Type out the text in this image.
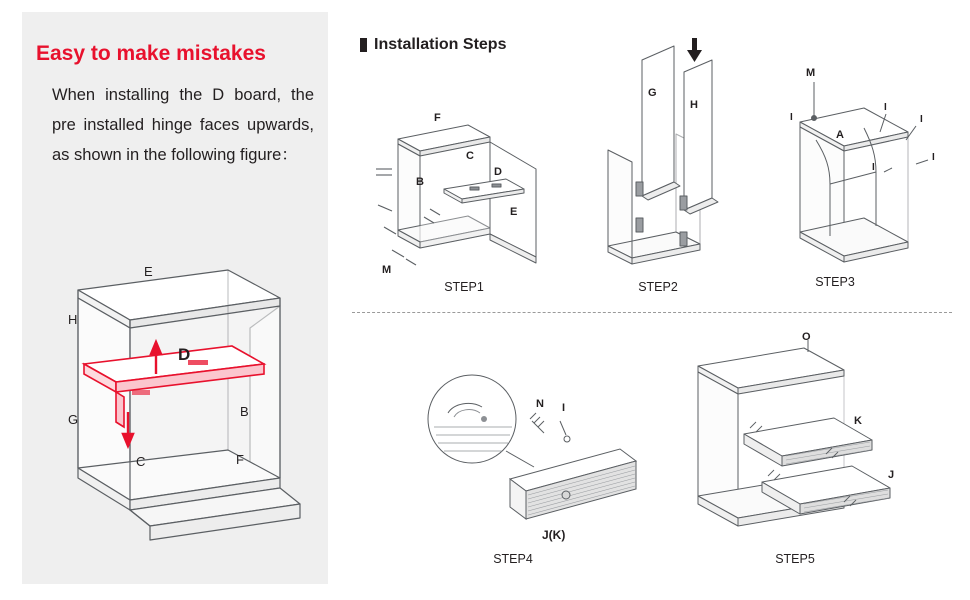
Easy to make mistakes
When installing the D board, the pre installed hinge faces upwards, as shown in the following figure：
D
E
H
G
B
C	F
Installation Steps
F
C
B
D
E
M
STEP1
G
H
STEP2
M
A
I
I
I
I
I
STEP3
N I
J(K)
STEP4
O
K
J
STEP5
